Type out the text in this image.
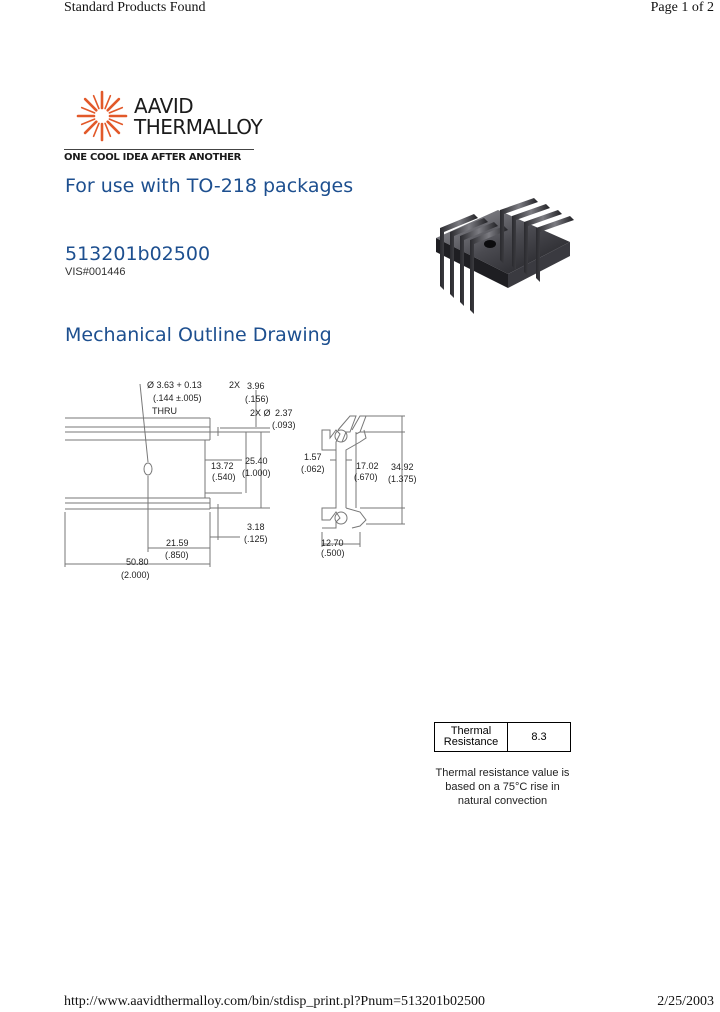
Standard Products Found	Page 1 of 2
AAVID
THERMALLOY
ONE COOL IDEA AFTER ANOTHER
For use with TO-218 packages
513201b02500
VIS#001446
Mechanical Outline Drawing
Ø 3.63 + 0.13
(.144 ±.005)
THRU
2X 3.96
(.156)
2X Ø 2.37
(.093)
13.72
(.540)
25.40
(1.000)
3.18
(.125)
21.59
(.850)
50.80
(2.000)
1.57
(.062)	17.02
(.670)
34.92
(1.375)
12.70
(.500)
Thermal
Resistance	8.3
Thermal resistance value is
based on a 75°C rise in
natural convection
http://www.aavidthermalloy.com/bin/stdisp_print.pl?Pnum=513201b02500	2/25/2003
